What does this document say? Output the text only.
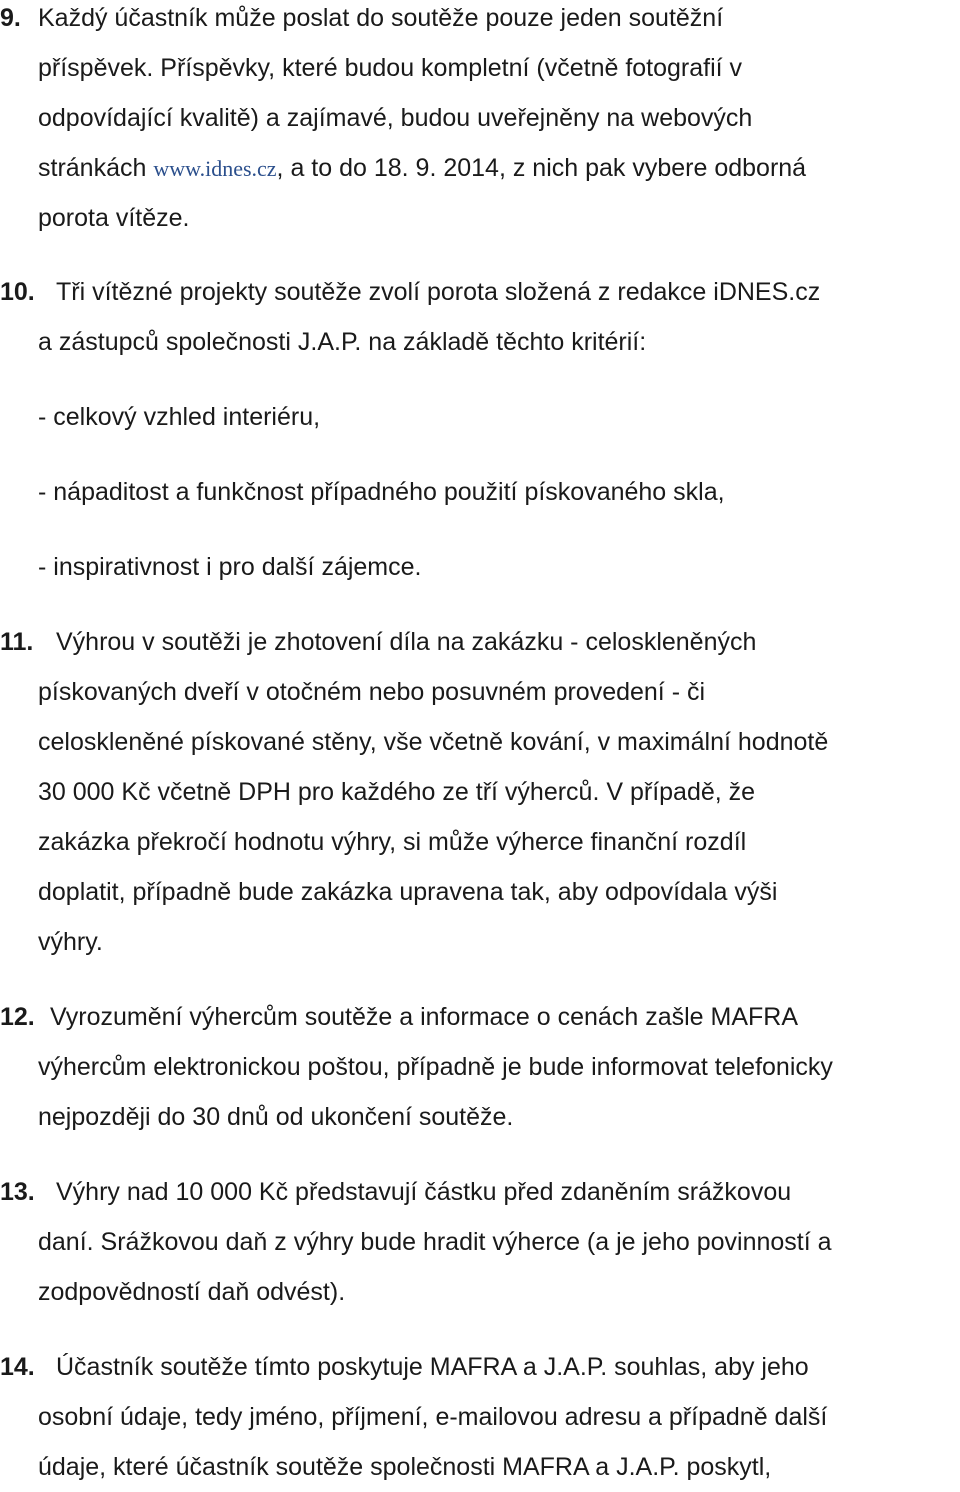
9. Každý účastník může poslat do soutěže pouze jeden soutěžní
příspěvek. Příspěvky, které budou kompletní (včetně fotografií v
odpovídající kvalitě) a zajímavé, budou uveřejněny na webových
stránkách www.idnes.cz, a to do 18. 9. 2014, z nich pak vybere odborná
porota vítěze.
10. Tři vítězné projekty soutěže zvolí porota složená z redakce iDNES.cz
a zástupců společnosti J.A.P. na základě těchto kritérií:
- celkový vzhled interiéru,
- nápaditost a funkčnost případného použití pískovaného skla,
- inspirativnost i pro další zájemce.
11. Výhrou v soutěži je zhotovení díla na zakázku - celoskleněných
pískovaných dveří v otočném nebo posuvném provedení - či
celoskleněné pískované stěny, vše včetně kování, v maximální hodnotě
30 000 Kč včetně DPH pro každého ze tří výherců. V případě, že
zakázka překročí hodnotu výhry, si může výherce finanční rozdíl
doplatit, případně bude zakázka upravena tak, aby odpovídala výši
výhry.
12. Vyrozumění výhercům soutěže a informace o cenách zašle MAFRA
výhercům elektronickou poštou, případně je bude informovat telefonicky
nejpozději do 30 dnů od ukončení soutěže.
13. Výhry nad 10 000 Kč představují částku před zdaněním srážkovou
daní. Srážkovou daň z výhry bude hradit výherce (a je jeho povinností a
zodpovědností daň odvést).
14. Účastník soutěže tímto poskytuje MAFRA a J.A.P. souhlas, aby jeho
osobní údaje, tedy jméno, příjmení, e-mailovou adresu a případně další
údaje, které účastník soutěže společnosti MAFRA a J.A.P. poskytl,
